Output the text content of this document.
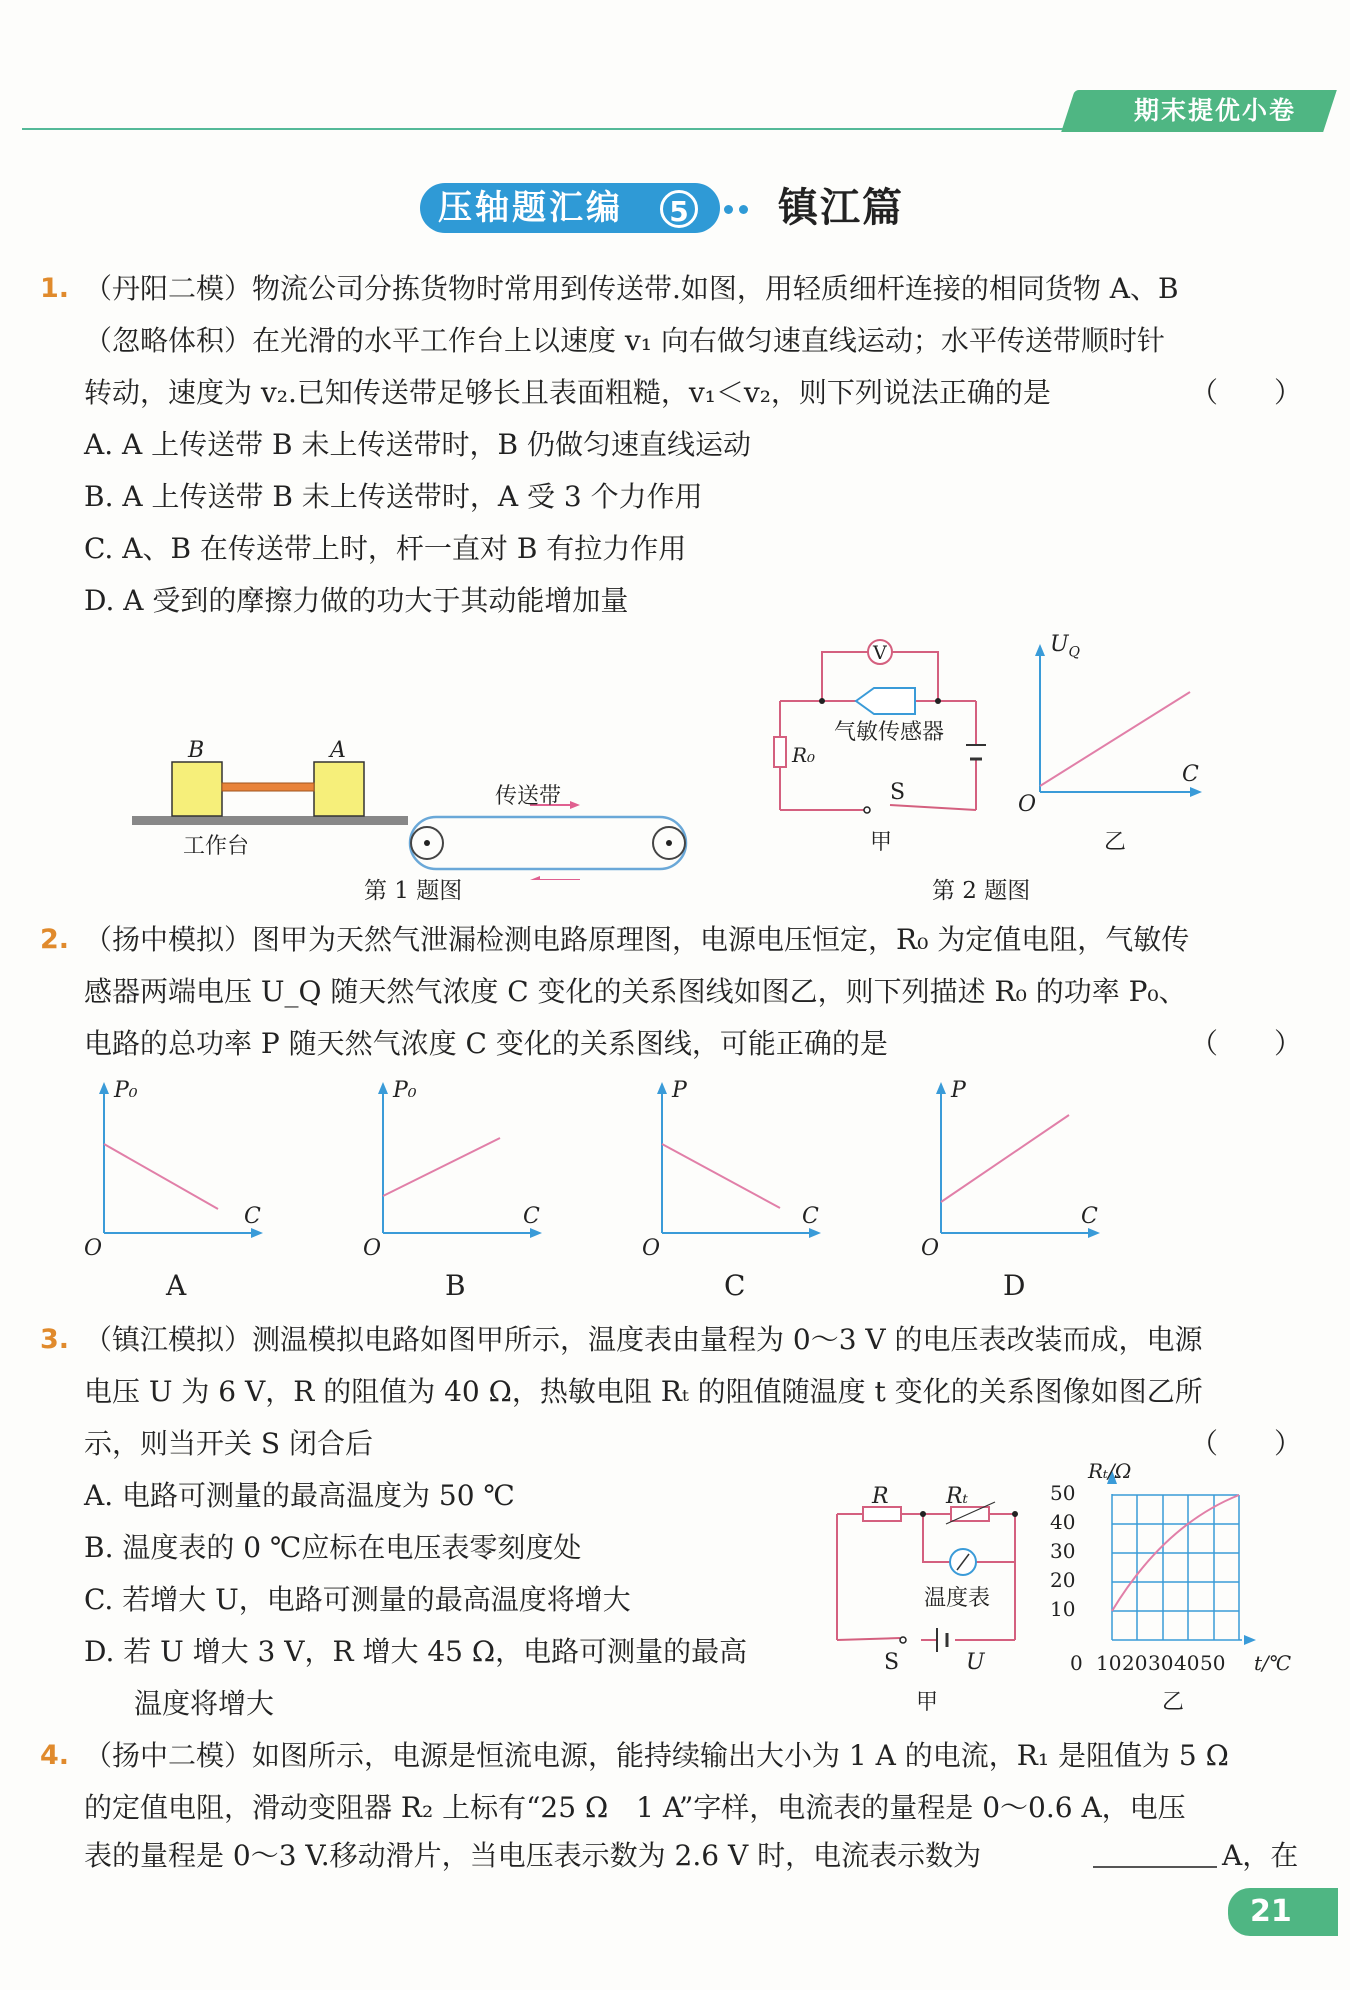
期末提优小卷
压轴题汇编	5 镇江篇
1. （丹阳二模）物流公司分拣货物时常用到传送带.如图，用轻质细杆连接的相同货物 A、B
（忽略体积）在光滑的水平工作台上以速度 v₁ 向右做匀速直线运动；水平传送带顺时针
转动，速度为 v₂.已知传送带足够长且表面粗糙，v₁＜v₂，则下列说法正确的是	（　　）
A. A 上传送带 B 未上传送带时，B 仍做匀速直线运动
B. A 上传送带 B 未上传送带时，A 受 3 个力作用
C. A、B 在传送带上时，杆一直对 B 有拉力作用
D. A 受到的摩擦力做的功大于其动能增加量
B	A
传送带
工作台
第 1 题图
V
气敏传感器
R₀
S
甲
$U_Q$
C
O
乙
第 2 题图
2. （扬中模拟）图甲为天然气泄漏检测电路原理图，电源电压恒定，R₀ 为定值电阻，气敏传
感器两端电压 U_Q 随天然气浓度 C 变化的关系图线如图乙，则下列描述 R₀ 的功率 P₀、
电路的总功率 P 随天然气浓度 C 变化的关系图线，可能正确的是	（　　）
P₀
C
O
A
P₀
C
O
B
P
C
O
C
P
C
O
D
3. （镇江模拟）测温模拟电路如图甲所示，温度表由量程为 0～3 V 的电压表改装而成，电源
电压 U 为 6 V，R 的阻值为 40 Ω，热敏电阻 Rₜ 的阻值随温度 t 变化的关系图像如图乙所
示，则当开关 S 闭合后	（　　）
A. 电路可测量的最高温度为 50 ℃
B. 温度表的 0 ℃应标在电压表零刻度处
C. 若增大 U，电路可测量的最高温度将增大
D. 若 U 增大 3 V，R 增大 45 Ω，电路可测量的最高
温度将增大
R	Rₜ
温度表
S	U
甲
Rₜ/Ω
50
40
30
20
10
0 10 20 30 40 50 t/℃
乙
4. （扬中二模）如图所示，电源是恒流电源，能持续输出大小为 1 A 的电流，R₁ 是阻值为 5 Ω
的定值电阻，滑动变阻器 R₂ 上标有“25 Ω　1 A”字样，电流表的量程是 0～0.6 A，电压
表的量程是 0～3 V.移动滑片，当电压表示数为 2.6 V 时，电流表示数为	A，在
21
